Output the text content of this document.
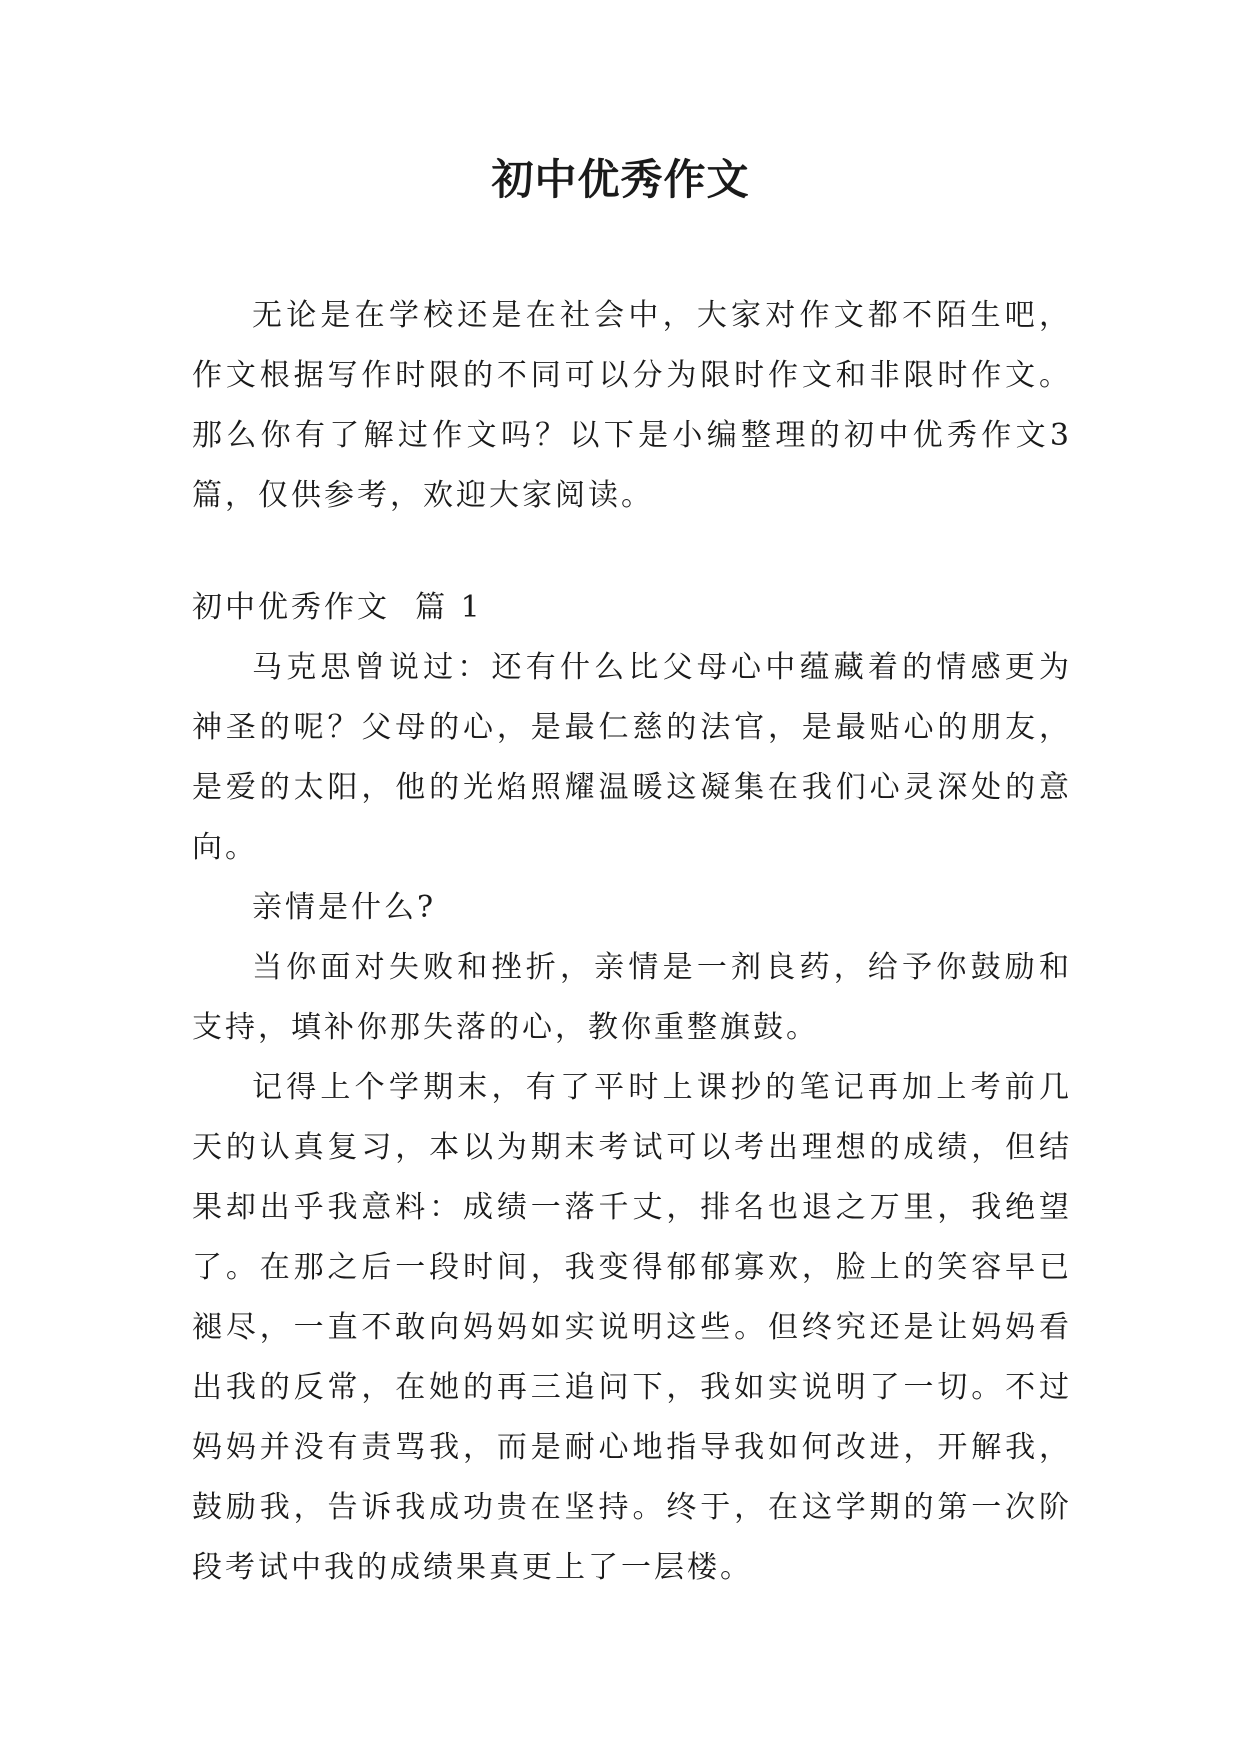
初中优秀作文

无论是在学校还是在社会中，大家对作文都不陌生吧，作文根据写作时限的不同可以分为限时作文和非限时作文。那么你有了解过作文吗？以下是小编整理的初中优秀作文3篇，仅供参考，欢迎大家阅读。

初中优秀作文  篇 1

马克思曾说过：还有什么比父母心中蕴藏着的情感更为神圣的呢？父母的心，是最仁慈的法官，是最贴心的朋友，是爱的太阳，他的光焰照耀温暖这凝集在我们心灵深处的意向。

亲情是什么?

当你面对失败和挫折，亲情是一剂良药，给予你鼓励和支持，填补你那失落的心，教你重整旗鼓。

记得上个学期末，有了平时上课抄的笔记再加上考前几天的认真复习，本以为期末考试可以考出理想的成绩，但结果却出乎我意料：成绩一落千丈，排名也退之万里，我绝望了。在那之后一段时间，我变得郁郁寡欢，脸上的笑容早已褪尽，一直不敢向妈妈如实说明这些。但终究还是让妈妈看出我的反常，在她的再三追问下，我如实说明了一切。不过妈妈并没有责骂我，而是耐心地指导我如何改进，开解我，鼓励我，告诉我成功贵在坚持。终于，在这学期的第一次阶段考试中我的成绩果真更上了一层楼。
